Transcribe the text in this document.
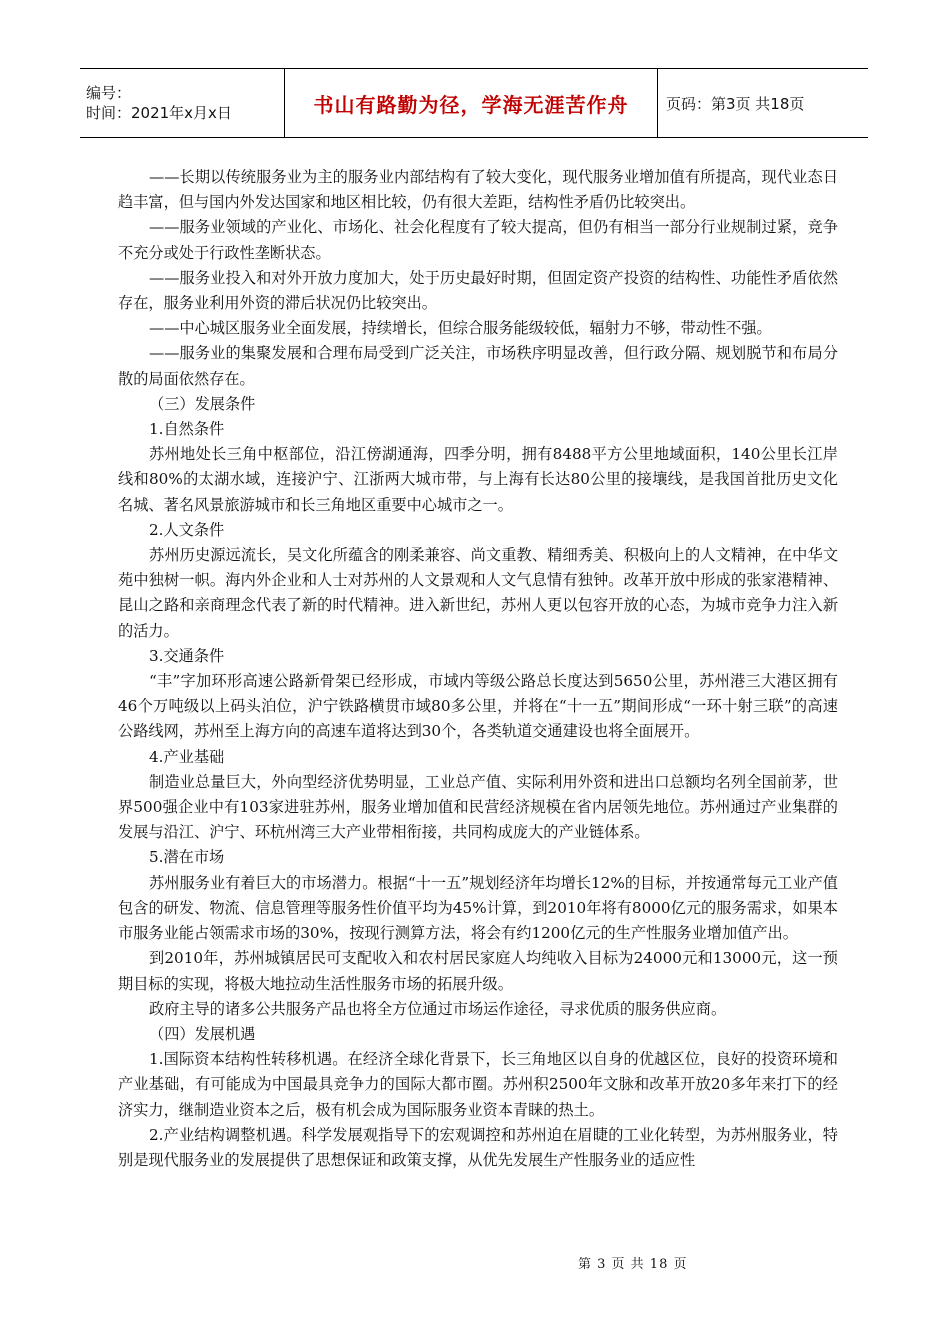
编号：
时间：2021年x月x日	书山有路勤为径，学海无涯苦作舟	页码：第3页 共18页

——长期以传统服务业为主的服务业内部结构有了较大变化，现代服务业增加值有所提高，现代业态日趋丰富，但与国内外发达国家和地区相比较，仍有很大差距，结构性矛盾仍比较突出。

——服务业领域的产业化、市场化、社会化程度有了较大提高，但仍有相当一部分行业规制过紧，竞争不充分或处于行政性垄断状态。

——服务业投入和对外开放力度加大，处于历史最好时期，但固定资产投资的结构性、功能性矛盾依然存在，服务业利用外资的滞后状况仍比较突出。

——中心城区服务业全面发展，持续增长，但综合服务能级较低，辐射力不够，带动性不强。

——服务业的集聚发展和合理布局受到广泛关注，市场秩序明显改善，但行政分隔、规划脱节和布局分散的局面依然存在。

（三）发展条件

1.自然条件

苏州地处长三角中枢部位，沿江傍湖通海，四季分明，拥有8488平方公里地域面积，140公里长江岸线和80%的太湖水域，连接沪宁、江浙两大城市带，与上海有长达80公里的接壤线，是我国首批历史文化名城、著名风景旅游城市和长三角地区重要中心城市之一。

2.人文条件

苏州历史源远流长，吴文化所蕴含的刚柔兼容、尚文重教、精细秀美、积极向上的人文精神，在中华文苑中独树一帜。海内外企业和人士对苏州的人文景观和人文气息情有独钟。改革开放中形成的张家港精神、昆山之路和亲商理念代表了新的时代精神。进入新世纪，苏州人更以包容开放的心态，为城市竞争力注入新的活力。

3.交通条件

“丰”字加环形高速公路新骨架已经形成，市域内等级公路总长度达到5650公里，苏州港三大港区拥有46个万吨级以上码头泊位，沪宁铁路横贯市域80多公里，并将在“十一五”期间形成“一环十射三联”的高速公路线网，苏州至上海方向的高速车道将达到30个，各类轨道交通建设也将全面展开。

4.产业基础

制造业总量巨大，外向型经济优势明显，工业总产值、实际利用外资和进出口总额均名列全国前茅，世界500强企业中有103家进驻苏州，服务业增加值和民营经济规模在省内居领先地位。苏州通过产业集群的发展与沿江、沪宁、环杭州湾三大产业带相衔接，共同构成庞大的产业链体系。

5.潜在市场

苏州服务业有着巨大的市场潜力。根据“十一五”规划经济年均增长12%的目标，并按通常每元工业产值包含的研发、物流、信息管理等服务性价值平均为45%计算，到2010年将有8000亿元的服务需求，如果本市服务业能占领需求市场的30%，按现行测算方法，将会有约1200亿元的生产性服务业增加值产出。

到2010年，苏州城镇居民可支配收入和农村居民家庭人均纯收入目标为24000元和13000元，这一预期目标的实现，将极大地拉动生活性服务市场的拓展升级。

政府主导的诸多公共服务产品也将全方位通过市场运作途径，寻求优质的服务供应商。

（四）发展机遇

1.国际资本结构性转移机遇。在经济全球化背景下，长三角地区以自身的优越区位，良好的投资环境和产业基础，有可能成为中国最具竞争力的国际大都市圈。苏州积2500年文脉和改革开放20多年来打下的经济实力，继制造业资本之后，极有机会成为国际服务业资本青睐的热土。

2.产业结构调整机遇。科学发展观指导下的宏观调控和苏州迫在眉睫的工业化转型，为苏州服务业，特别是现代服务业的发展提供了思想保证和政策支撑，从优先发展生产性服务业的适应性

第 3 页 共 18 页
